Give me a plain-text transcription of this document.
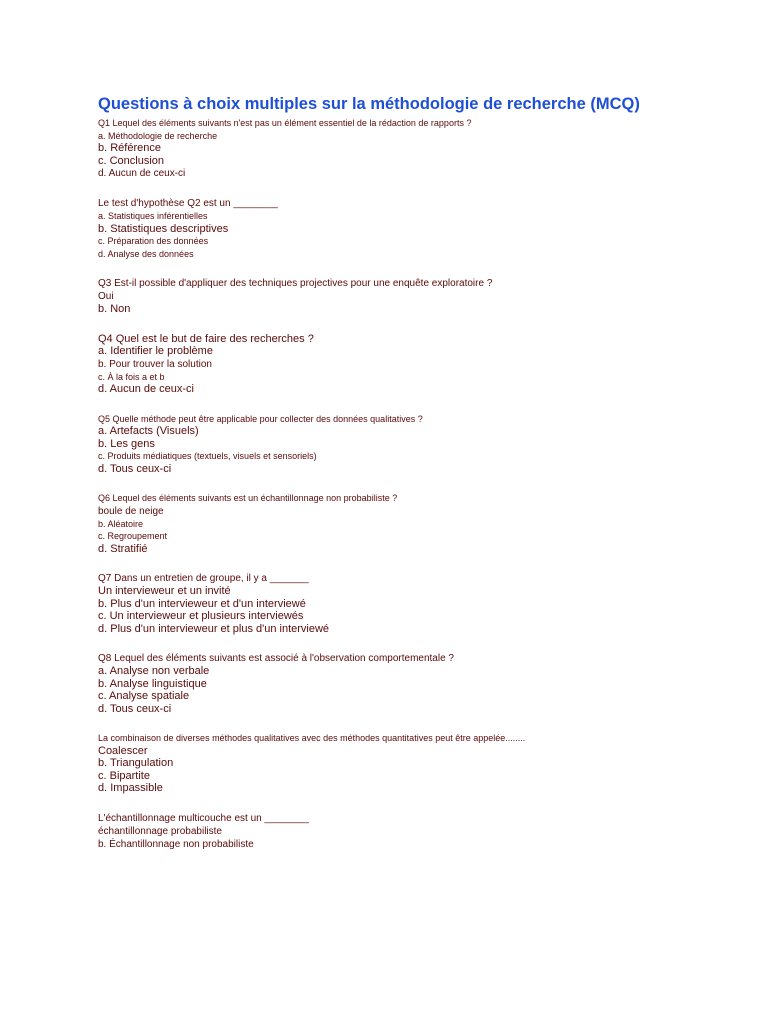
Questions à choix multiples sur la méthodologie de recherche (MCQ)

Q1 Lequel des éléments suivants n'est pas un élément essentiel de la rédaction de rapports ?

a. Méthodologie de recherche

b. Référence

c. Conclusion

d. Aucun de ceux-ci

Le test d'hypothèse Q2 est un ________

a. Statistiques inférentielles

b. Statistiques descriptives

c. Préparation des données

d. Analyse des données

Q3 Est-il possible d'appliquer des techniques projectives pour une enquête exploratoire ?

Oui

b. Non

Q4 Quel est le but de faire des recherches ?

a. Identifier le problème

b. Pour trouver la solution

c. À la fois a et b

d. Aucun de ceux-ci

Q5 Quelle méthode peut être applicable pour collecter des données qualitatives ?

a. Artefacts (Visuels)

b. Les gens

c. Produits médiatiques (textuels, visuels et sensoriels)

d. Tous ceux-ci

Q6 Lequel des éléments suivants est un échantillonnage non probabiliste ?

boule de neige

b. Aléatoire

c. Regroupement

d. Stratifié

Q7 Dans un entretien de groupe, il y a _______

Un intervieweur et un invité

b. Plus d'un intervieweur et d'un interviewé

c. Un intervieweur et plusieurs interviewés

d. Plus d'un intervieweur et plus d'un interviewé

Q8 Lequel des éléments suivants est associé à l'observation comportementale ?

a. Analyse non verbale

b. Analyse linguistique

c. Analyse spatiale

d. Tous ceux-ci

La combinaison de diverses méthodes qualitatives avec des méthodes quantitatives peut être appelée........

Coalescer

b. Triangulation

c. Bipartite

d. Impassible

L'échantillonnage multicouche est un ________

échantillonnage probabiliste

b. Échantillonnage non probabiliste
